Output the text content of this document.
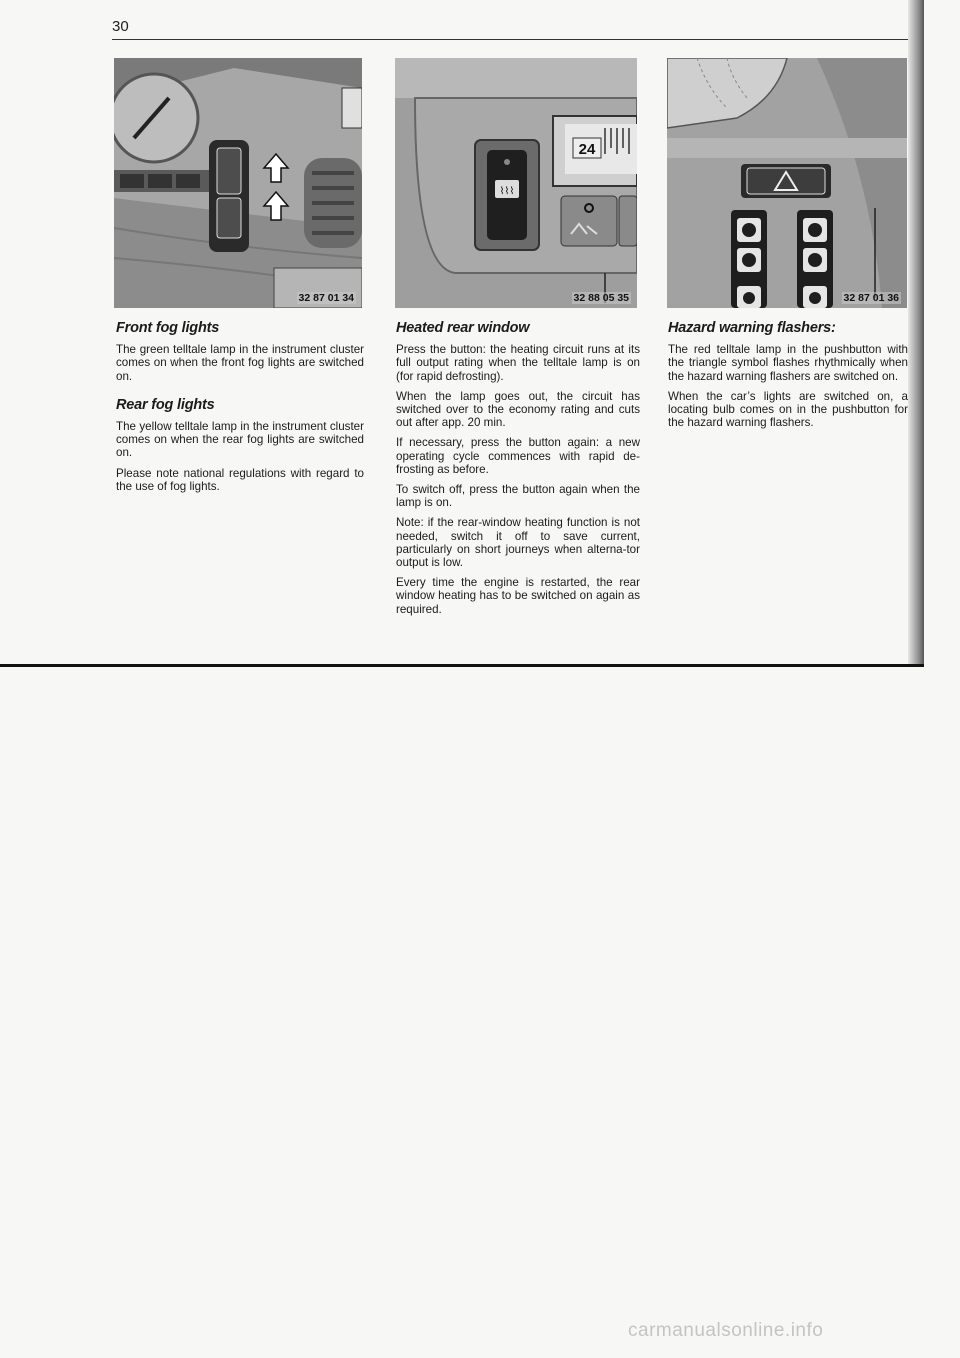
30
32 87 01 34
⌇⌇⌇
24
32 88 05 35	32 87 01 36
Front fog lights

The green telltale lamp in the instrument cluster comes on when the front fog lights are switched on.

Rear fog lights

The yellow telltale lamp in the instrument cluster comes on when the rear fog lights are switched on.

Please note national regulations with regard to the use of fog lights.

Heated rear window

Press the button: the heating circuit runs at its full output rating when the telltale lamp is on (for rapid defrosting).

When the lamp goes out, the circuit has switched over to the economy rating and cuts out after app. 20 min.

If necessary, press the button again: a new operating cycle commences with rapid de-frosting as before.

To switch off, press the button again when the lamp is on.

Note: if the rear-window heating function is not needed, switch it off to save current, particularly on short journeys when alterna-tor output is low.

Every time the engine is restarted, the rear window heating has to be switched on again as required.

Hazard warning flashers:

The red telltale lamp in the pushbutton with the triangle symbol flashes rhythmically when the hazard warning flashers are switched on.

When the car’s lights are switched on, a locating bulb comes on in the pushbutton for the hazard warning flashers.

carmanualsonline.info
